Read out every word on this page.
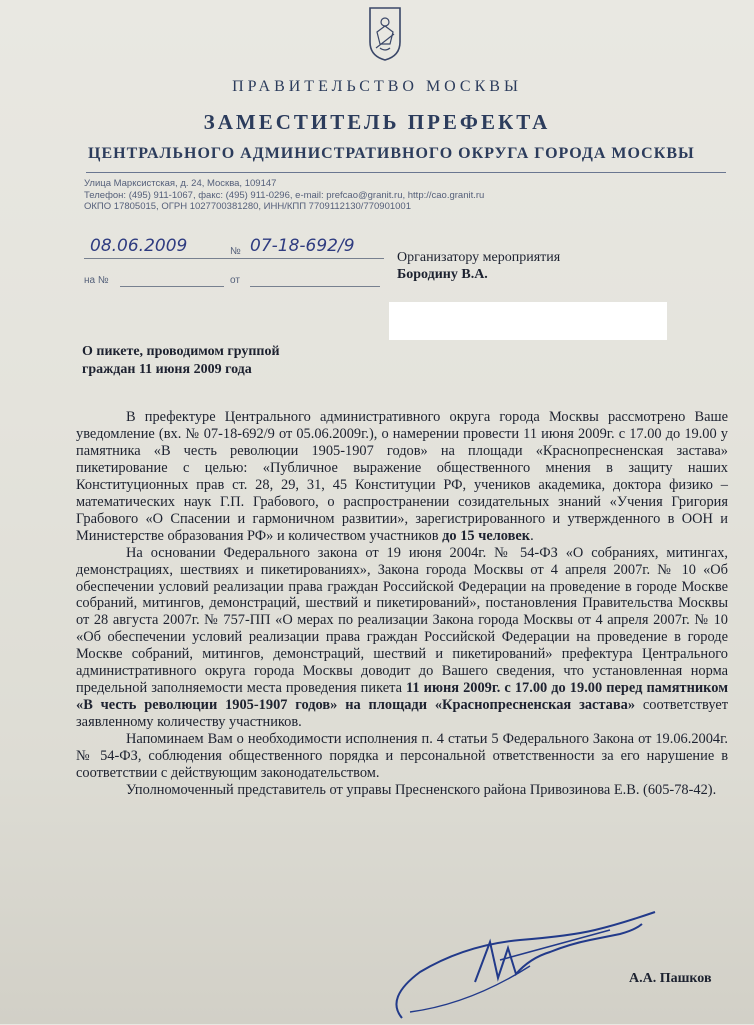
ПРАВИТЕЛЬСТВО МОСКВЫ
ЗАМЕСТИТЕЛЬ ПРЕФЕКТА
ЦЕНТРАЛЬНОГО АДМИНИСТРАТИВНОГО ОКРУГА ГОРОДА МОСКВЫ
Улица Марксистская, д. 24, Москва, 109147
Телефон: (495) 911-1067, факс: (495) 911-0296, e-mail: prefcao@granit.ru, http://cao.granit.ru
ОКПО 17805015, ОГРН 1027700381280, ИНН/КПП 7709112130/770901001
08.06.2009	№ 07-18-692/9
на №	от
Организатору мероприятия
Бородину В.А.
О пикете, проводимом группой
граждан 11 июня 2009 года

В префектуре Центрального административного округа города Москвы рассмотрено Ваше уведомление (вх. № 07-18-692/9 от 05.06.2009г.), о намерении провести 11 июня 2009г. с 17.00 до 19.00 у памятника «В честь революции 1905-1907 годов» на площади «Краснопресненская застава» пикетирование с целью: «Публичное выражение общественного мнения в защиту наших Конституционных прав ст. 28, 29, 31, 45 Конституции РФ, учеников академика, доктора физико – математических наук Г.П. Грабового, о распространении созидательных знаний «Учения Григория Грабового «О Спасении и гармоничном развитии», зарегистрированного и утвержденного в ООН и Министерстве образования РФ» и количеством участников до 15 человек.

На основании Федерального закона от 19 июня 2004г. № 54-ФЗ «О собраниях, митингах, демонстрациях, шествиях и пикетированиях», Закона города Москвы от 4 апреля 2007г. № 10 «Об обеспечении условий реализации права граждан Российской Федерации на проведение в городе Москве собраний, митингов, демонстраций, шествий и пикетирований», постановления Правительства Москвы от 28 августа 2007г. № 757-ПП «О мерах по реализации Закона города Москвы от 4 апреля 2007г. № 10 «Об обеспечении условий реализации права граждан Российской Федерации на проведение в городе Москве собраний, митингов, демонстраций, шествий и пикетирований» префектура Центрального административного округа города Москвы доводит до Вашего сведения, что установленная норма предельной заполняемости места проведения пикета 11 июня 2009г. с 17.00 до 19.00 перед памятником «В честь революции 1905-1907 годов» на площади «Краснопресненская застава» соответствует заявленному количеству участников.

Напоминаем Вам о необходимости исполнения п. 4 статьи 5 Федерального Закона от 19.06.2004г. № 54-ФЗ, соблюдения общественного порядка и персональной ответственности за его нарушение в соответствии с действующим законодательством.

Уполномоченный представитель от управы Пресненского района Привозинова Е.В. (605-78-42).

А.А. Пашков
